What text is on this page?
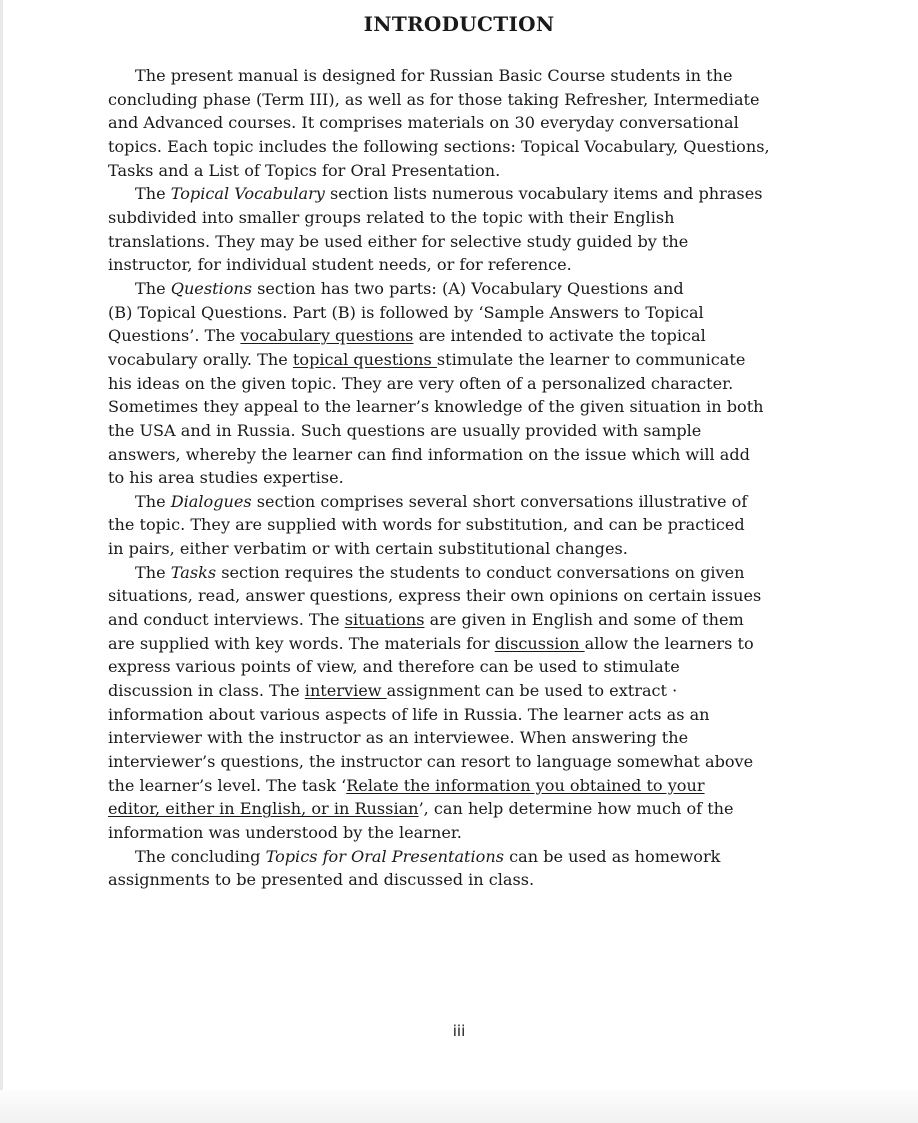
INTRODUCTION

The present manual is designed for Russian Basic Course students in the
concluding phase (Term III), as well as for those taking Refresher, Intermediate
and Advanced courses. It comprises materials on 30 everyday conversational
topics. Each topic includes the following sections: Topical Vocabulary, Questions,
Tasks and a List of Topics for Oral Presentation.

The Topical Vocabulary section lists numerous vocabulary items and phrases
subdivided into smaller groups related to the topic with their English
translations. They may be used either for selective study guided by the
instructor, for individual student needs, or for reference.

The Questions section has two parts: (A) Vocabulary Questions and
(B) Topical Questions. Part (B) is followed by ‘Sample Answers to Topical
Questions’. The vocabulary questions are intended to activate the topical
vocabulary orally. The topical questions stimulate the learner to communicate
his ideas on the given topic. They are very often of a personalized character.
Sometimes they appeal to the learner’s knowledge of the given situation in both
the USA and in Russia. Such questions are usually provided with sample
answers, whereby the learner can find information on the issue which will add
to his area studies expertise.

The Dialogues section comprises several short conversations illustrative of
the topic. They are supplied with words for substitution, and can be practiced
in pairs, either verbatim or with certain substitutional changes.

The Tasks section requires the students to conduct conversations on given
situations, read, answer questions, express their own opinions on certain issues
and conduct interviews. The situations are given in English and some of them
are supplied with key words. The materials for discussion allow the learners to
express various points of view, and therefore can be used to stimulate
discussion in class. The interview assignment can be used to extract ·
information about various aspects of life in Russia. The learner acts as an
interviewer with the instructor as an interviewee. When answering the
interviewer’s questions, the instructor can resort to language somewhat above
the learner’s level. The task ‘Relate the information you obtained to your
editor, either in English, or in Russian’, can help determine how much of the
information was understood by the learner.

The concluding Topics for Oral Presentations can be used as homework
assignments to be presented and discussed in class.

iii
